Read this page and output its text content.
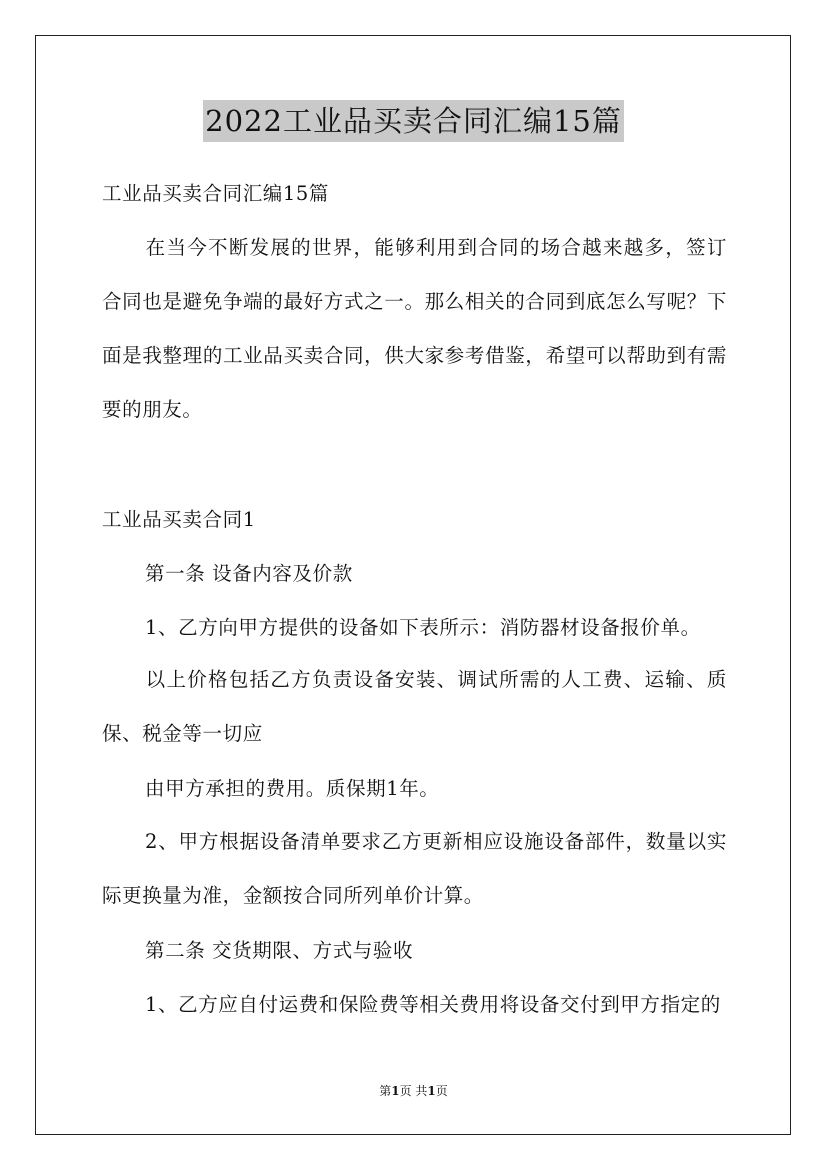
2022工业品买卖合同汇编15篇
工业品买卖合同汇编15篇
在当今不断发展的世界，能够利用到合同的场合越来越多，签订合同也是避免争端的最好方式之一。那么相关的合同到底怎么写呢？下面是我整理的工业品买卖合同，供大家参考借鉴，希望可以帮助到有需要的朋友。
工业品买卖合同1
第一条 设备内容及价款
1、乙方向甲方提供的设备如下表所示：消防器材设备报价单。
以上价格包括乙方负责设备安装、调试所需的人工费、运输、质保、税金等一切应
由甲方承担的费用。质保期1年。
2、甲方根据设备清单要求乙方更新相应设施设备部件，数量以实际更换量为准，金额按合同所列单价计算。
第二条 交货期限、方式与验收
1、乙方应自付运费和保险费等相关费用将设备交付到甲方指定的
第1页 共1页
